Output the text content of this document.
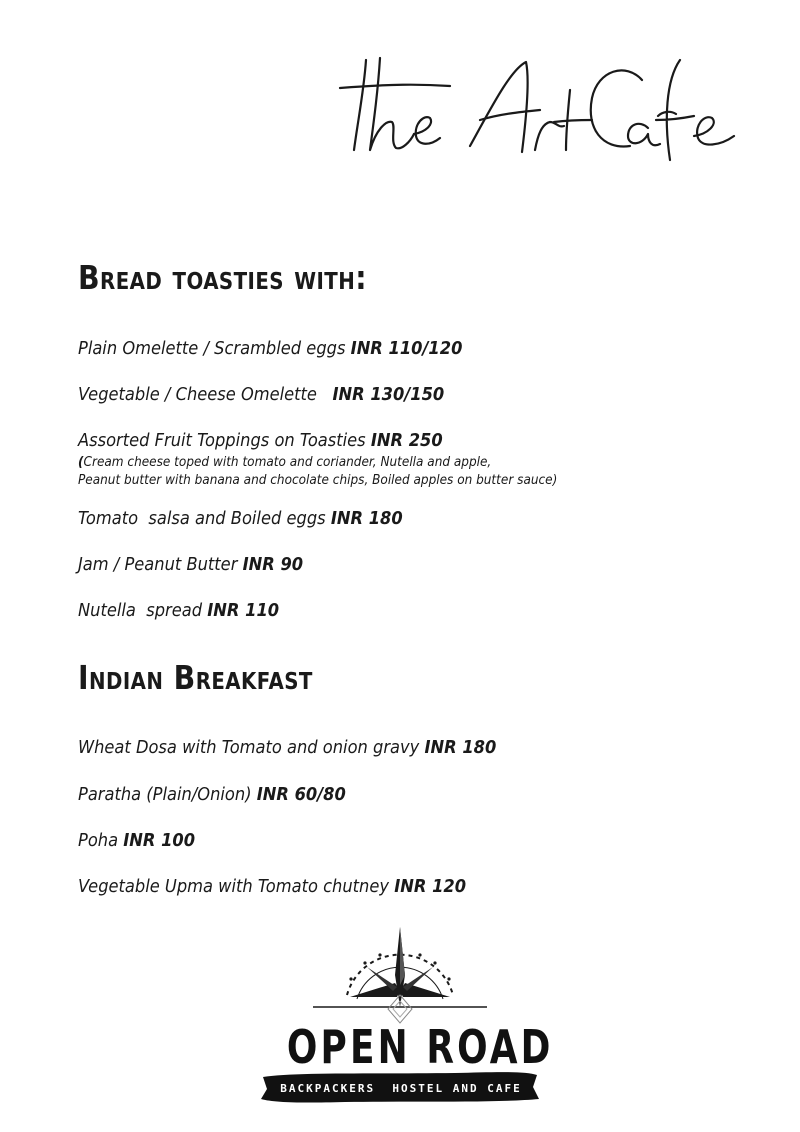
Bread toasties with:
Plain Omelette / Scrambled eggs INR 110/120
Vegetable / Cheese Omelette   INR 130/150
Assorted Fruit Toppings on Toasties INR 250
(Cream cheese toped with tomato and coriander, Nutella and apple,
Peanut butter with banana and chocolate chips, Boiled apples on butter sauce)
Tomato  salsa and Boiled eggs INR 180
Jam / Peanut Butter INR 90
Nutella  spread INR 110
Indian Breakfast
Wheat Dosa with Tomato and onion gravy INR 180
Paratha (Plain/Onion) INR 60/80
Poha INR 100
Vegetable Upma with Tomato chutney INR 120
OPEN ROAD
BACKPACKERS  HOSTEL AND CAFE
